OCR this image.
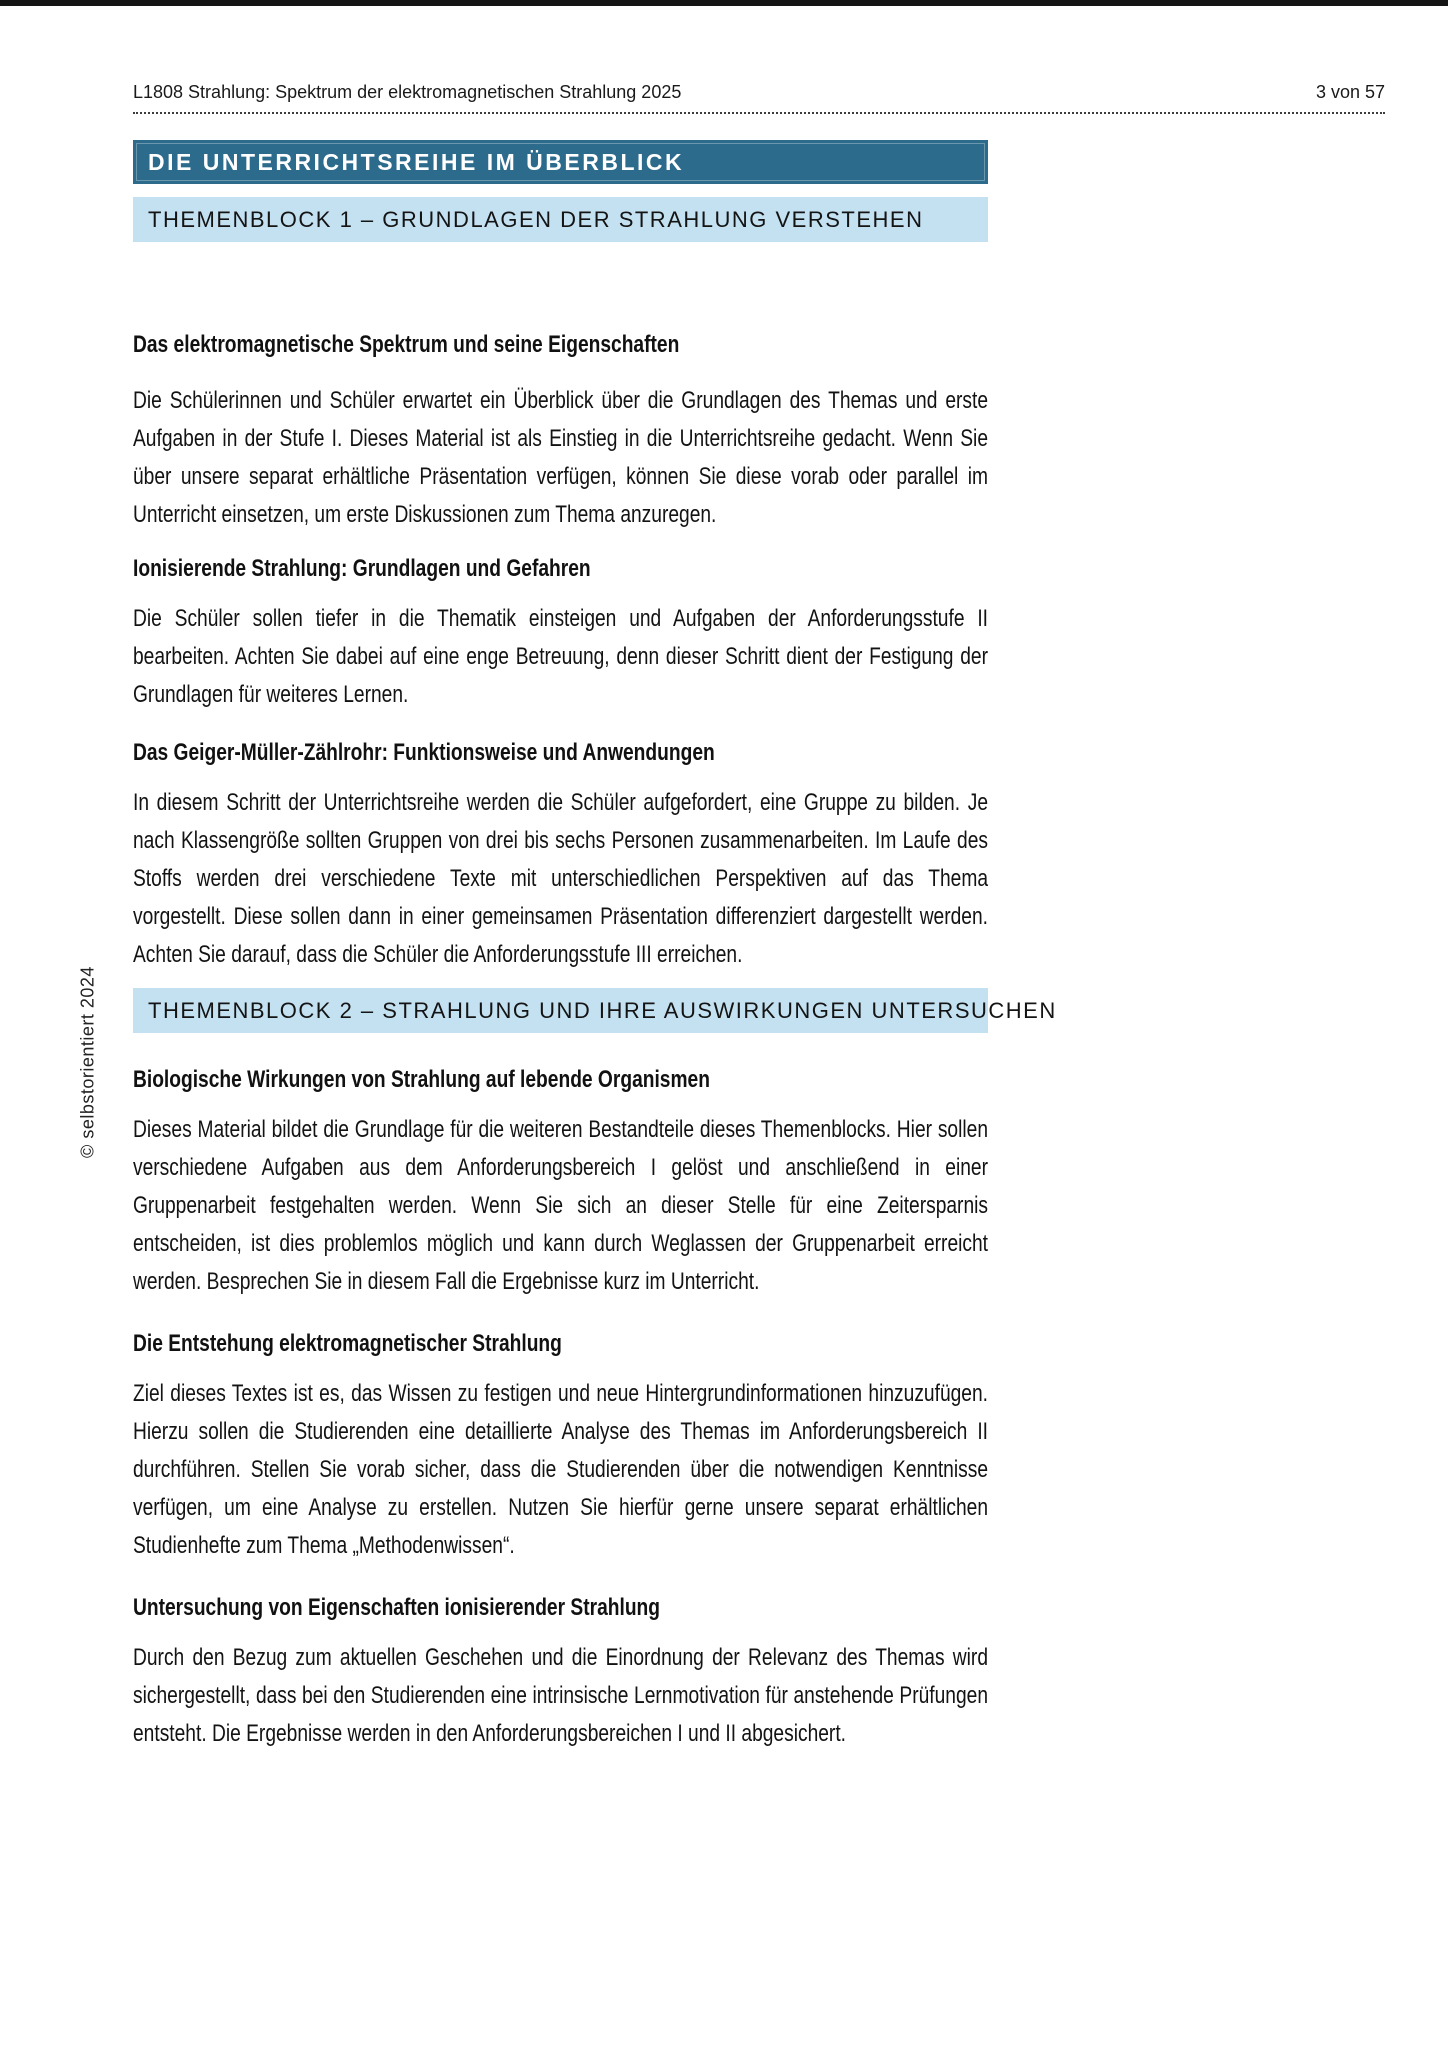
L1808 Strahlung: Spektrum der elektromagnetischen Strahlung 2025	3 von 57
DIE UNTERRICHTSREIHE IM ÜBERBLICK
THEMENBLOCK 1 – GRUNDLAGEN DER STRAHLUNG VERSTEHEN
Das elektromagnetische Spektrum und seine Eigenschaften

Die Schülerinnen und Schüler erwartet ein Überblick über die Grundlagen des Themas und erste Aufgaben in der Stufe I. Dieses Material ist als Einstieg in die Unterrichtsreihe gedacht. Wenn Sie über unsere separat erhältliche Präsentation verfügen, können Sie diese vorab oder parallel im Unterricht einsetzen, um erste Diskussionen zum Thema anzuregen.

Ionisierende Strahlung: Grundlagen und Gefahren

Die Schüler sollen tiefer in die Thematik einsteigen und Aufgaben der Anforderungsstufe II bearbeiten. Achten Sie dabei auf eine enge Betreuung, denn dieser Schritt dient der Festigung der Grundlagen für weiteres Lernen.

Das Geiger-Müller-Zählrohr: Funktionsweise und Anwendungen

In diesem Schritt der Unterrichtsreihe werden die Schüler aufgefordert, eine Gruppe zu bilden. Je nach Klassengröße sollten Gruppen von drei bis sechs Personen zusammenarbeiten. Im Laufe des Stoffs werden drei verschiedene Texte mit unterschiedlichen Perspektiven auf das Thema vorgestellt. Diese sollen dann in einer gemeinsamen Präsentation differenziert dargestellt werden. Achten Sie darauf, dass die Schüler die Anforderungsstufe III erreichen.

THEMENBLOCK 2 – STRAHLUNG UND IHRE AUSWIRKUNGEN UNTERSUCHEN
Biologische Wirkungen von Strahlung auf lebende Organismen

Dieses Material bildet die Grundlage für die weiteren Bestandteile dieses Themenblocks. Hier sollen verschiedene Aufgaben aus dem Anforderungsbereich I gelöst und anschließend in einer Gruppenarbeit festgehalten werden. Wenn Sie sich an dieser Stelle für eine Zeitersparnis entscheiden, ist dies problemlos möglich und kann durch Weglassen der Gruppenarbeit erreicht werden. Besprechen Sie in diesem Fall die Ergebnisse kurz im Unterricht.

Die Entstehung elektromagnetischer Strahlung

Ziel dieses Textes ist es, das Wissen zu festigen und neue Hintergrundinformationen hinzuzufügen. Hierzu sollen die Studierenden eine detaillierte Analyse des Themas im Anforderungsbereich II durchführen. Stellen Sie vorab sicher, dass die Studierenden über die notwendigen Kenntnisse verfügen, um eine Analyse zu erstellen. Nutzen Sie hierfür gerne unsere separat erhältlichen Studienhefte zum Thema „Methodenwissen“.

Untersuchung von Eigenschaften ionisierender Strahlung

Durch den Bezug zum aktuellen Geschehen und die Einordnung der Relevanz des Themas wird sichergestellt, dass bei den Studierenden eine intrinsische Lernmotivation für anstehende Prüfungen entsteht. Die Ergebnisse werden in den Anforderungsbereichen I und II abgesichert.

© selbstorientiert 2024
